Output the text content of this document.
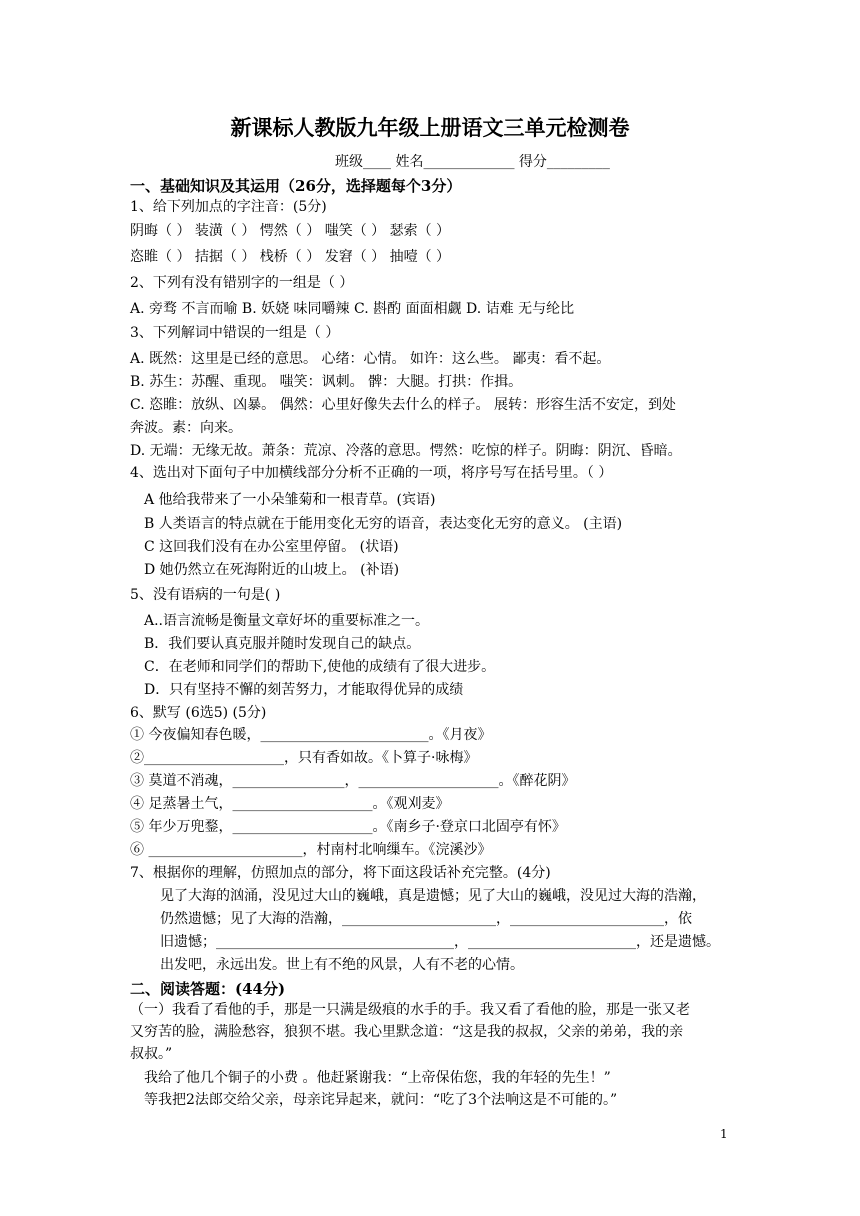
新课标人教版九年级上册语文三单元检测卷
班级____ 姓名_____________ 得分_________
一、基础知识及其运用（26分，选择题每个3分）
1、给下列加点的字注音：(5分)
阴晦（ ） 装潢（ ） 愕然（ ） 嗤笑（ ） 瑟索（ ）
恣睢（ ） 拮据（ ） 栈桥（ ） 发窘（ ） 抽噎（ ）
2、下列有没有错别字的一组是（ ）
A. 旁骛 不言而喻 B. 妖娆 味同嚼辣 C. 斟酌 面面相觑 D. 诘难 无与纶比
3、下列解词中错误的一组是（ ）
A. 既然：这里是已经的意思。 心绪：心情。 如许：这么些。 鄙夷：看不起。
B. 苏生：苏醒、重现。 嗤笑：讽刺。 髀：大腿。打拱：作揖。
C. 恣睢：放纵、凶暴。 偶然：心里好像失去什么的样子。 展转：形容生活不安定，到处
奔波。素：向来。
D. 无端：无缘无故。萧条：荒凉、冷落的意思。愕然：吃惊的样子。阴晦：阴沉、昏暗。
4、选出对下面句子中加横线部分分析不正确的一项，将序号写在括号里。（ ）
A 他给我带来了一小朵雏菊和一根青草。(宾语)
B 人类语言的特点就在于能用变化无穷的语音，表达变化无穷的意义。 (主语)
C 这回我们没有在办公室里停留。 (状语)
D 她仍然立在死海附近的山坡上。 (补语)
5、没有语病的一句是( )
A..语言流畅是衡量文章好坏的重要标准之一。
B．我们要认真克服并随时发现自己的缺点。
C．在老师和同学们的帮助下,使他的成绩有了很大进步。
D．只有坚持不懈的刻苦努力，才能取得优异的成绩
6、默写 (6选5) (5分)
① 今夜偏知春色暖，________________________。《月夜》
②____________________，只有香如故。《卜算子·咏梅》
③ 莫道不消魂，________________，____________________。《醉花阴》
④ 足蒸暑土气，____________________。《观刈麦》
⑤ 年少万兜鍪，____________________。《南乡子·登京口北固亭有怀》
⑥ ______________________，村南村北响缫车。《浣溪沙》
7、根据你的理解，仿照加点的部分，将下面这段话补充完整。(4分)
见了大海的汹涌，没见过大山的巍峨，真是遗憾；见了大山的巍峨，没见过大海的浩瀚，
仍然遗憾；见了大海的浩瀚，______________________，______________________，依
旧遗憾；__________________________________，________________________，还是遗憾。
出发吧，永远出发。世上有不绝的风景，人有不老的心情。
二、阅读答题：(44分)
（一）我看了看他的手，那是一只满是级痕的水手的手。我又看了看他的脸，那是一张又老
又穷苦的脸，满脸愁容，狼狈不堪。我心里默念道：“这是我的叔叔，父亲的弟弟，我的亲
叔叔。”
我给了他几个铜子的小费 。他赶紧谢我：“上帝保佑您，我的年轻的先生！”
等我把2法郎交给父亲，母亲诧异起来，就问：“吃了3个法响这是不可能的。”
1
